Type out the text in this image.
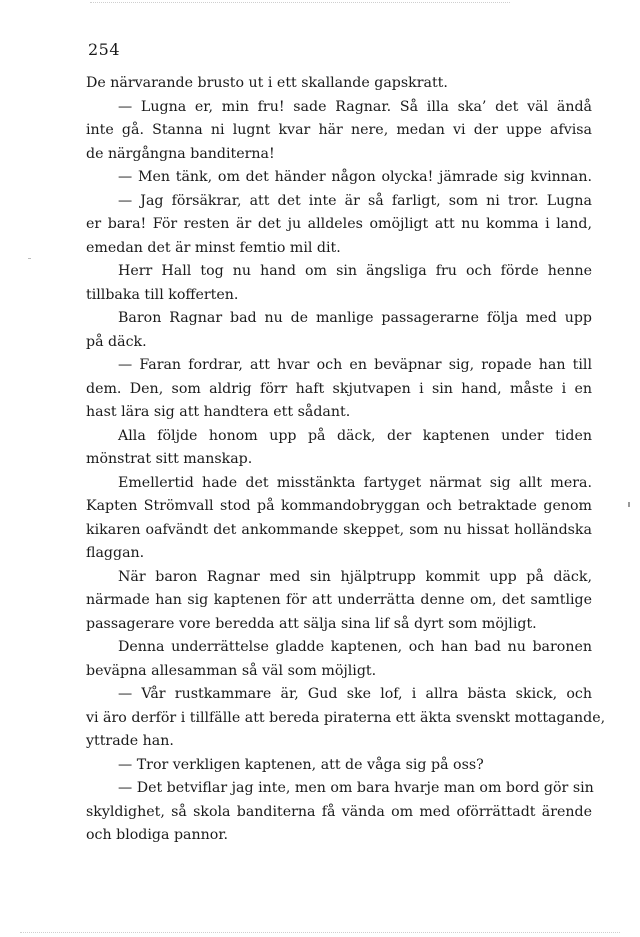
254
De närvarande brusto ut i ett skallande gapskratt.
— Lugna er, min fru! sade Ragnar. Så illa ska’ det väl ändå
inte gå. Stanna ni lugnt kvar här nere, medan vi der uppe afvisa
de närgångna banditerna!
— Men tänk, om det händer någon olycka! jämrade sig kvinnan.
— Jag försäkrar, att det inte är så farligt, som ni tror. Lugna
er bara! För resten är det ju alldeles omöjligt att nu komma i land,
emedan det är minst femtio mil dit.
Herr Hall tog nu hand om sin ängsliga fru och förde henne
tillbaka till kofferten.
Baron Ragnar bad nu de manlige passagerarne följa med upp
på däck.
— Faran fordrar, att hvar och en beväpnar sig, ropade han till
dem. Den, som aldrig förr haft skjutvapen i sin hand, måste i en
hast lära sig att handtera ett sådant.
Alla följde honom upp på däck, der kaptenen under tiden
mönstrat sitt manskap.
Emellertid hade det misstänkta fartyget närmat sig allt mera.
Kapten Strömvall stod på kommandobryggan och betraktade genom
kikaren oafvändt det ankommande skeppet, som nu hissat holländska
flaggan.
När baron Ragnar med sin hjälptrupp kommit upp på däck,
närmade han sig kaptenen för att underrätta denne om, det samtlige
passagerare vore beredda att sälja sina lif så dyrt som möjligt.
Denna underrättelse gladde kaptenen, och han bad nu baronen
beväpna allesamman så väl som möjligt.
— Vår rustkammare är, Gud ske lof, i allra bästa skick, och
vi äro derför i tillfälle att bereda piraterna ett äkta svenskt mottagande,
yttrade han.
— Tror verkligen kaptenen, att de våga sig på oss?
— Det betviflar jag inte, men om bara hvarje man om bord gör sin
skyldighet, så skola banditerna få vända om med oförrättadt ärende
och blodiga pannor.
